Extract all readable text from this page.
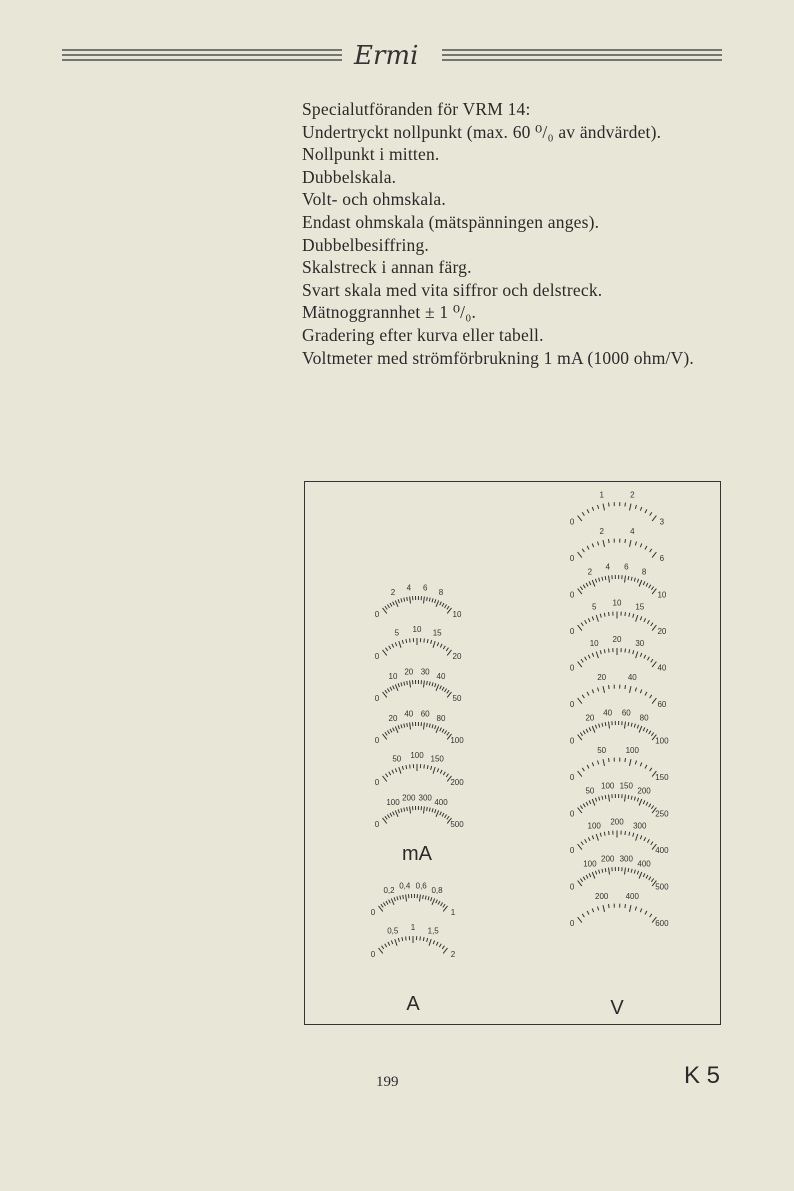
Ermi
Specialutföranden för VRM 14:
Undertryckt nollpunkt (max. 60 ⁰/₀ av ändvärdet).
Nollpunkt i mitten.
Dubbelskala.
Volt- och ohmskala.
Endast ohmskala (mätspänningen anges).
Dubbelbesiffring.
Skalstreck i annan färg.
Svart skala med vita siffror och delstreck.
Mätnoggrannhet ± 1 ⁰/₀.
Gradering efter kurva eller tabell.
Voltmeter med strömförbrukning 1 mA (1000 ohm/V).
0
2 4 6 8
10
0
5 10 15
20
0
10 20 30 40
50
0
20 40 60 80
100
0
50 100 150
200
0
100 200 300 400
500
0
0,2 0,4 0,6 0,8
1
0
0,5 1 1,5
2
0
1	2
3
0
2	4
6
0
2
4 6
8
10
0
5 10 15
20
0
10 20 30
40
0
20	40
60
0
20
40 60
80
100
0
50 100
150
0
50
100 150
200
250
0
100 200 300
400
0
100
200 300
400
500
0
200 400
600
mA
A	V
199	K 5
